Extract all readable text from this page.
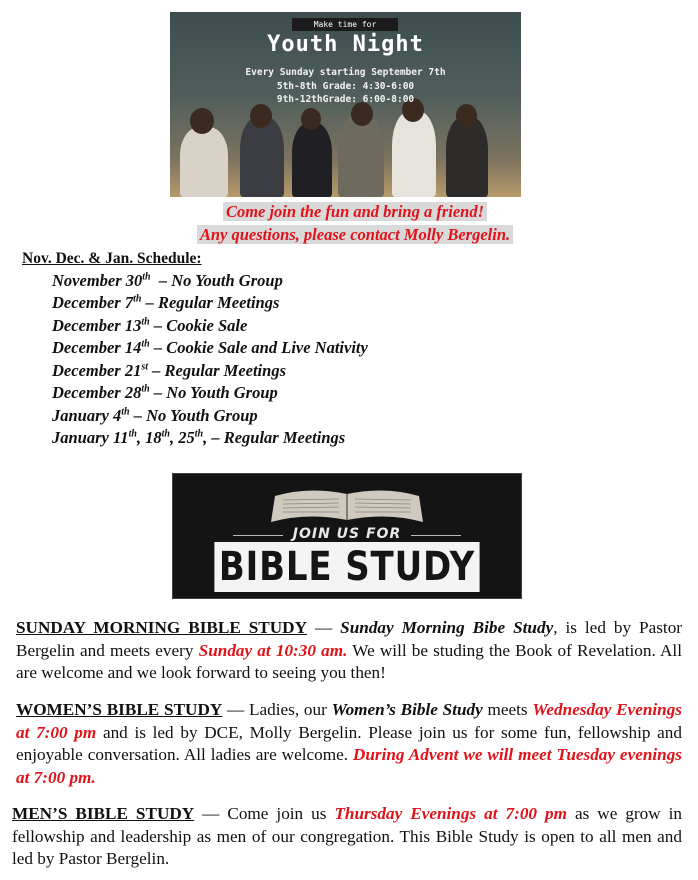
Make time for
Youth Night
Every Sunday starting September 7th
5th-8th Grade: 4:30-6:00
9th-12thGrade: 6:00-8:00
Come join the fun and bring a friend!
Any questions, please contact Molly Bergelin.
Nov. Dec. & Jan. Schedule:
November 30th  – No Youth Group
December 7th – Regular Meetings
December 13th – Cookie Sale
December 14th – Cookie Sale and Live Nativity
December 21st – Regular Meetings
December 28th – No Youth Group
January 4th – No Youth Group
January 11th, 18th, 25th, – Regular Meetings
JOIN US FOR
BIBLE STUDY
SUNDAY MORNING BIBLE STUDY — Sunday Morning Bibe Study, is led by Pastor Bergelin and meets every Sunday at 10:30 am. We will be studing the Book of Revelation. All are welcome and we look forward to seeing you then!
WOMEN’S BIBLE STUDY — Ladies, our Women’s Bible Study meets Wednesday Evenings at 7:00 pm and is led by DCE, Molly Bergelin. Please join us for some fun, fellowship and enjoyable conversation. All ladies are welcome. During Advent we will meet Tuesday evenings at 7:00 pm.
MEN’S BIBLE STUDY — Come join us Thursday Evenings at 7:00 pm as we grow in fellowship and leadership as men of our congregation. This Bible Study is open to all men and led by Pastor Bergelin.
